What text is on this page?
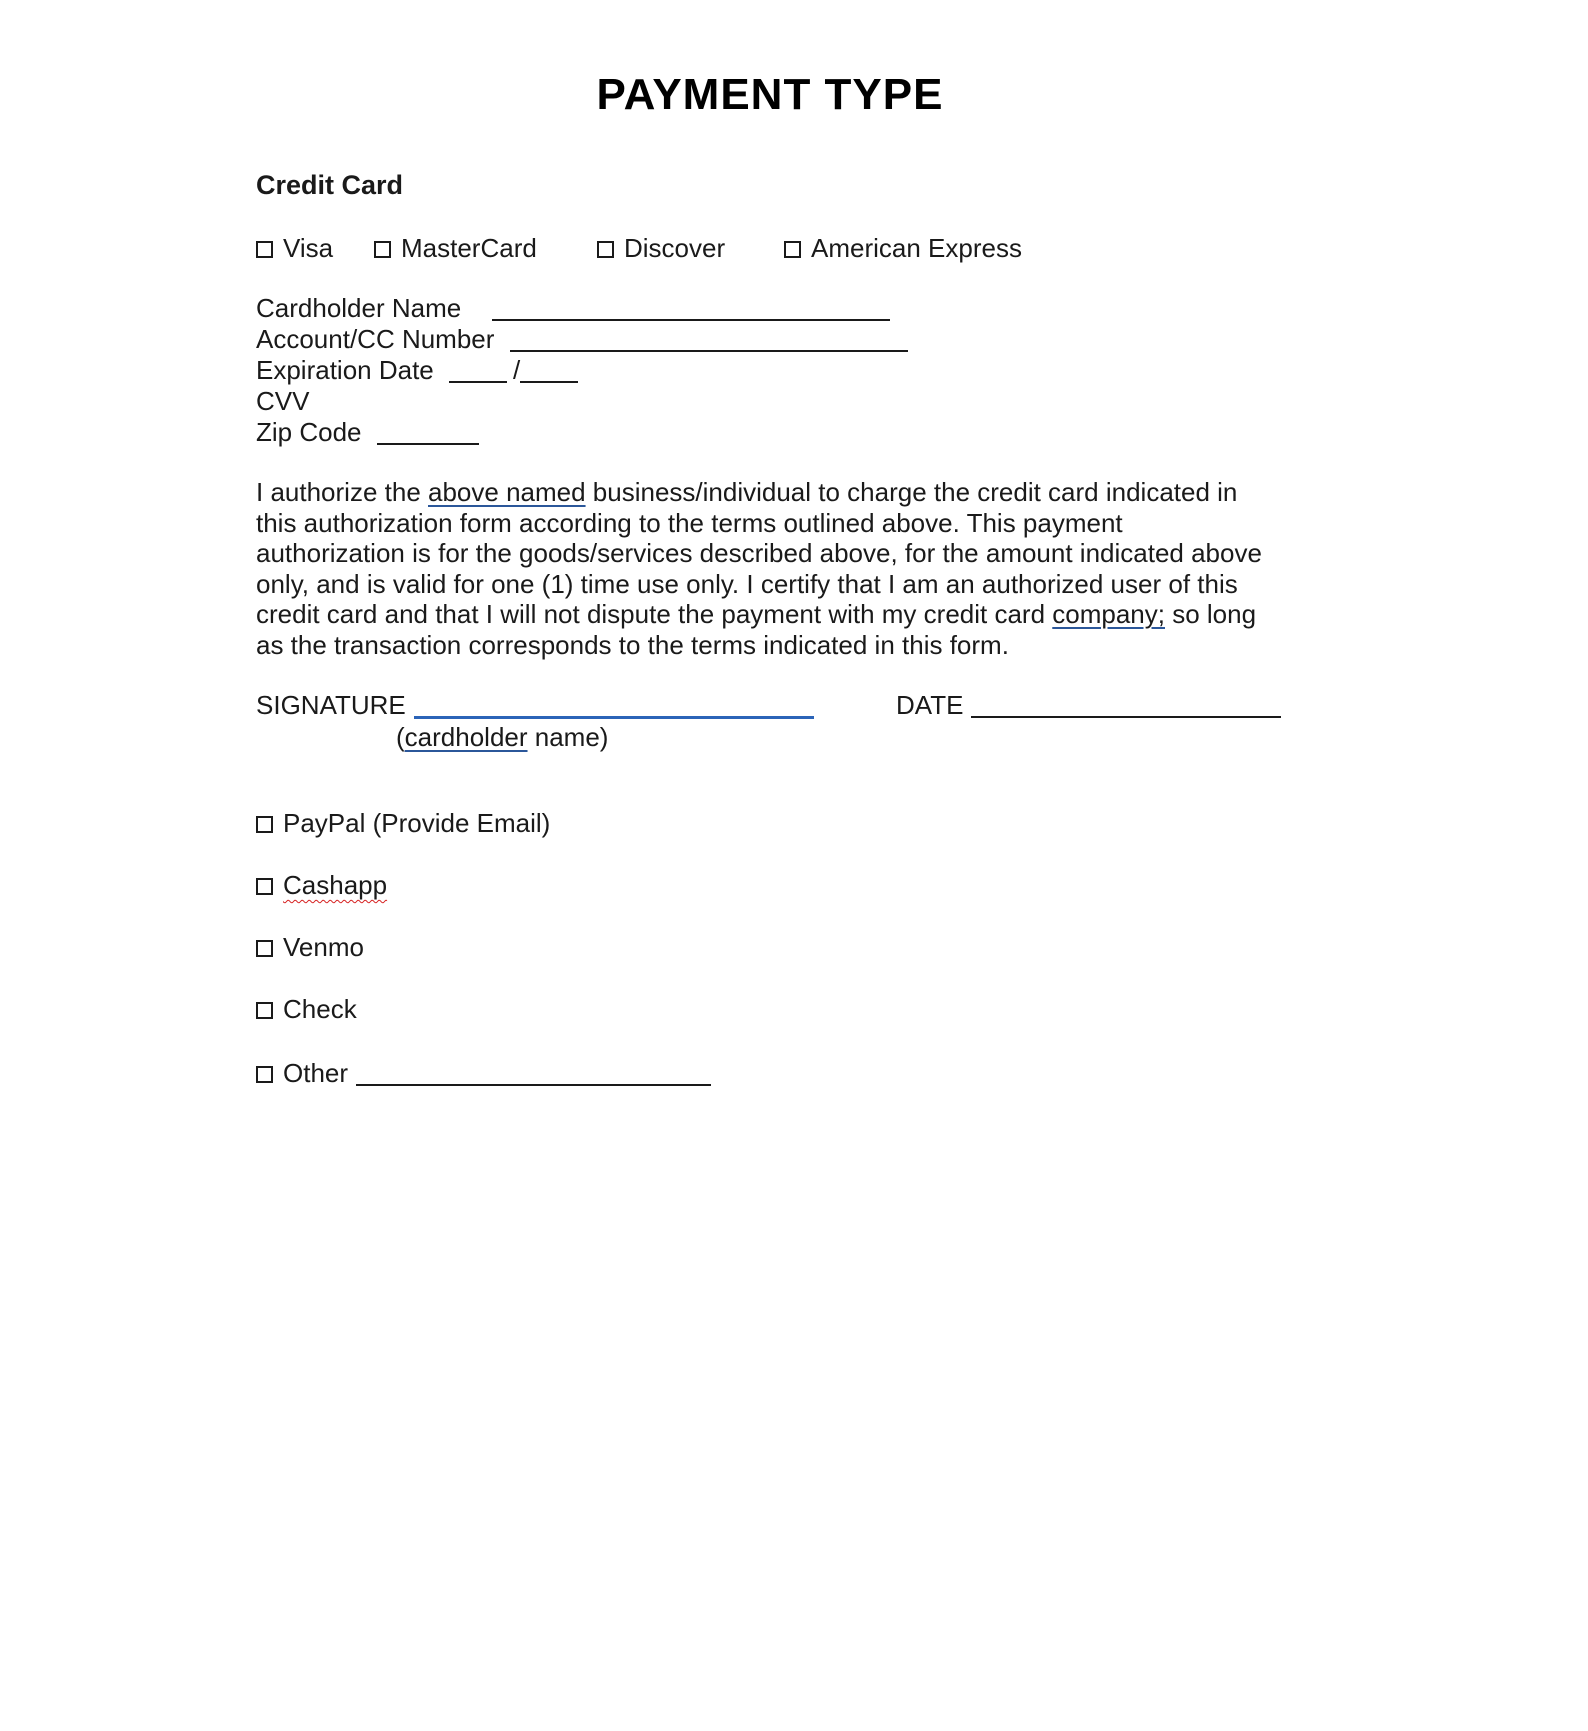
PAYMENT TYPE
Credit Card
Visa	MasterCard	Discover	American Express
Cardholder Name
Account/CC Number
Expiration Date	/
CVV
Zip Code
I authorize the above named business/individual to charge the credit card indicated in
this authorization form according to the terms outlined above. This payment
authorization is for the goods/services described above, for the amount indicated above
only, and is valid for one (1) time use only. I certify that I am an authorized user of this
credit card and that I will not dispute the payment with my credit card company; so long
as the transaction corresponds to the terms indicated in this form.
SIGNATURE	DATE
(cardholder name)
PayPal (Provide Email)
Cashapp
Venmo
Check
Other
